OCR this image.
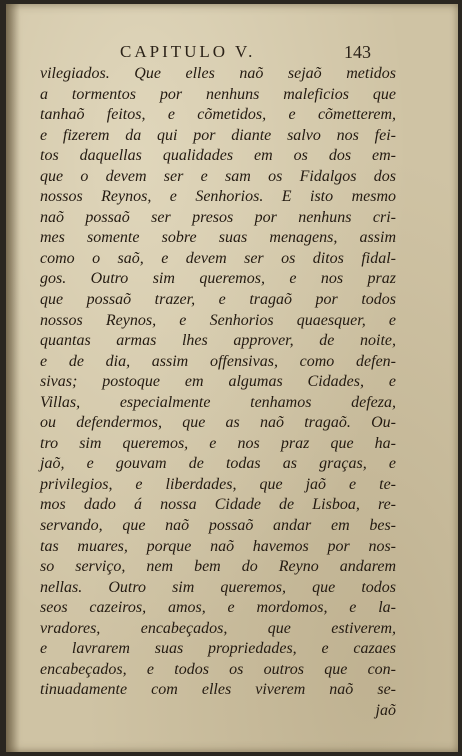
CAPITULO V.	143
vilegiados. Que elles naõ sejaõ metidos
a tormentos por nenhuns maleficios que
tanhaõ feitos, e cõmetidos, e cõmetterem,
e fizerem da qui por diante salvo nos fei-
tos daquellas qualidades em os dos em-
que o devem ser e sam os Fidalgos dos
nossos Reynos, e Senhorios. E isto mesmo
naõ possaõ ser presos por nenhuns cri-
mes somente sobre suas menagens, assim
como o saõ, e devem ser os ditos fidal-
gos. Outro sim queremos, e nos praz
que possaõ trazer, e tragaõ por todos
nossos Reynos, e Senhorios quaesquer, e
quantas armas lhes approver, de noite,
e de dia, assim offensivas, como defen-
sivas; postoque em algumas Cidades, e
Villas, especialmente tenhamos defeza,
ou defendermos, que as naõ tragaõ. Ou-
tro sim queremos, e nos praz que ha-
jaõ, e gouvam de todas as graças, e
privilegios, e liberdades, que jaõ e te-
mos dado á nossa Cidade de Lisboa, re-
servando, que naõ possaõ andar em bes-
tas muares, porque naõ havemos por nos-
so serviço, nem bem do Reyno andarem
nellas. Outro sim queremos, que todos
seos cazeiros, amos, e mordomos, e la-
vradores, encabeçados, que estiverem,
e lavrarem suas propriedades, e cazaes
encabeçados, e todos os outros que con-
tinuadamente com elles viverem naõ se-
jaõ
